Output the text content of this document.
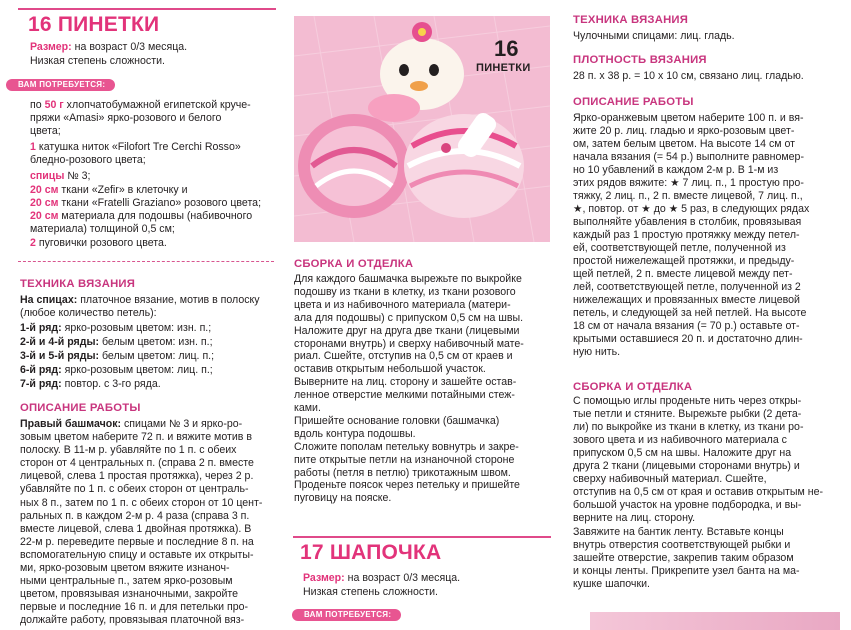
16 ПИНЕТКИ
Размер: на возраст 0/3 месяца.
Низкая степень сложности.
ВАМ ПОТРЕБУЕТСЯ:
по 50 г хлопчатобумажной египетской круче-
пряжи «Amasi» ярко-розового и белого
цвета;
1 катушка ниток «Filofort Tre Cerchi Rosso»
бледно-розового цвета;
спицы № 3;
20 см ткани «Zefir» в клеточку и
20 см ткани «Fratelli Graziano» розового цвета;
20 см материала для подошвы (набивочного
материала) толщиной 0,5 см;
2 пуговички розового цвета.
ТЕХНИКА ВЯЗАНИЯ
На спицах: платочное вязание, мотив в полоску
(любое количество петель):
1-й ряд: ярко-розовым цветом: изн. п.;
2-й и 4-й ряды: белым цветом: изн. п.;
3-й и 5-й ряды: белым цветом: лиц. п.;
6-й ряд: ярко-розовым цветом: лиц. п.;
7-й ряд: повтор. с 3-го ряда.
ОПИСАНИЕ РАБОТЫ
Правый башмачок: спицами № 3 и ярко-ро-
зовым цветом наберите 72 п. и вяжите мотив в
полоску. В 11-м р. убавляйте по 1 п. с обеих
сторон от 4 центральных п. (справа 2 п. вместе
лицевой, слева 1 простая протяжка), через 2 р.
убавляйте по 1 п. с обеих сторон от централь-
ных 8 п., затем по 1 п. с обеих сторон от 10 цент-
ральных п. в каждом 2-м р. 4 раза (справа 3 п.
вместе лицевой, слева 1 двойная протяжка). В
22-м р. переведите первые и последние 8 п. на
вспомогательную спицу и оставьте их открыты-
ми, ярко-розовым цветом вяжите изнаноч-
ными центральные п., затем ярко-розовым
цветом, провязывая изнаночными, закройте
первые и последние 16 п. и для петельки про-
должайте работу, провязывая платочной вяз-
16
ПИНЕТКИ
СБОРКА И ОТДЕЛКА
Для каждого башмачка вырежьте по выкройке
подошву из ткани в клетку, из ткани розового
цвета и из набивочного материала (матери-
ала для подошвы) с припуском 0,5 см на швы.
Наложите друг на друга две ткани (лицевыми
сторонами внутрь) и сверху набивочный мате-
риал. Сшейте, отступив на 0,5 см от краев и
оставив открытым небольшой участок.
Выверните на лиц. сторону и зашейте остав-
ленное отверстие мелкими потайными стеж-
ками.
Пришейте основание головки (башмачка)
вдоль контура подошвы.
Сложите пополам петельку вовнутрь и закре-
пите открытые петли на изнаночной стороне
работы (петля в петлю) трикотажным швом.
Проденьте поясок через петельку и пришейте
пуговицу на пояске.
17 ШАПОЧКА
Размер: на возраст 0/3 месяца.
Низкая степень сложности.
ВАМ ПОТРЕБУЕТСЯ:
ТЕХНИКА ВЯЗАНИЯ
Чулочными спицами: лиц. гладь.
ПЛОТНОСТЬ ВЯЗАНИЯ
28 п. х 38 р. = 10 х 10 см, связано лиц. гладью.
ОПИСАНИЕ РАБОТЫ
Ярко-оранжевым цветом наберите 100 п. и вя-
жите 20 р. лиц. гладью и ярко-розовым цвет-
ом, затем белым цветом. На высоте 14 см от
начала вязания (= 54 р.) выполните равномер-
но 10 убавлений в каждом 2-м р. В 1-м из
этих рядов вяжите: ★ 7 лиц. п., 1 простую про-
тяжку, 2 лиц. п., 2 п. вместе лицевой, 7 лиц. п.,
★, повтор. от ★ до ★ 5 раз, в следующих рядах
выполняйте убавления в столбик, провязывая
каждый раз 1 простую протяжку между петел-
ей, соответствующей петле, полученной из
простой нижележащей протяжки, и предыду-
щей петлей, 2 п. вместе лицевой между пет-
лей, соответствующей петле, полученной из 2
нижележащих и провязанных вместе лицевой
петель, и следующей за ней петлей. На высоте
18 см от начала вязания (= 70 р.) оставьте от-
крытыми оставшиеся 20 п. и достаточно длин-
ную нить.
СБОРКА И ОТДЕЛКА
С помощью иглы проденьте нить через откры-
тые петли и стяните. Вырежьте рыбки (2 дета-
ли) по выкройке из ткани в клетку, из ткани ро-
зового цвета и из набивочного материала с
припуском 0,5 см на швы. Наложите друг на
друга 2 ткани (лицевыми сторонами внутрь) и
сверху набивочный материал. Сшейте,
отступив на 0,5 см от края и оставив открытым не-
большой участок на уровне подбородка, и вы-
верните на лиц. сторону.
Завяжите на бантик ленту. Вставьте концы
внутрь отверстия соответствующей рыбки и
зашейте отверстие, закрепив таким образом
и концы ленты. Прикрепите узел банта на ма-
кушке шапочки.
